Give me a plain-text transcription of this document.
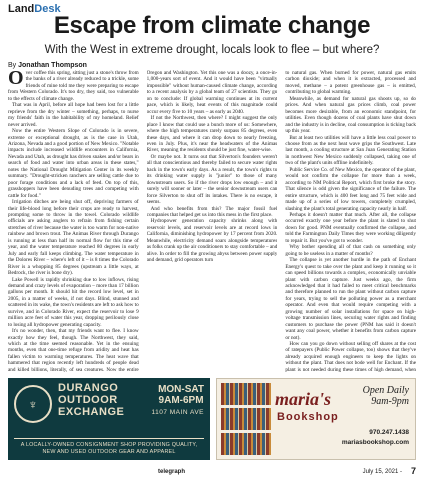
LandDesk
Escape from climate change
With the West in extreme drought, locals look to flee – but where?
By Jonathan Thompson
O ver coffee this spring, sitting just a stone's throw from the banks of a river already reduced to a trickle, some friends of mine told me they were preparing to escape from Western Colorado. It's too dry, they said, too vulnerable to the effects of climate change.

That was in April, before all hope had been lost for a little reprieve from the dry winter – something, perhaps, to nurse my friends' faith in the habitability of my homeland. Relief never arrived.

Now the entire Western Slope of Colorado is in severe, extreme or exceptional drought, as is the case in Utah, Arizona, Nevada and a good portion of New Mexico. "Notable impacts include increased wildlife encounters in California, Nevada and Utah, as drought has driven snakes and/or bears in search of food and water into urban areas in these states," notes the National Drought Mitigation Center in its weekly summary. "Drought-stricken ranchers are selling cattle due to poor forage conditions and a lack of feed. On top of this, grasshoppers have been denuding trees and competing with cattle for food."

Irrigation ditches are being shut off, depriving farmers of their life-blood long before their crops are ready to harvest, prompting some to throw in the towel. Colorado wildlife officials are asking anglers to refrain from fishing certain stretches of river because the water is too warm for non-native rainbow and brown trout. The Animas River through Durango is running at less than half its normal flow for this time of year, and the water temperature reached 80 degrees in early July and early fall keeps climbing. The water temperature in the Dolores River – where's left of it – is 8 times the Colorado River is a whopping 85 degrees (upstream a little ways, at Bedrock, the river is bone dry).

Lake Powell is rapidly shrinking due to low inflows, rising demand and crazy levels of evaporation – more than 17 billion gallons per month. It should hit the record low level, set in 2005, in a matter of weeks, if not days. Blind, stunned and scattered in its wake, the town's residents are left to ask how to survive, and in Colorado River, expect the reservoir to lose 9 million acre feet of water this year, dropping perilously close to losing all hydropower generating capacity.

It's no wonder, then, that my friends want to flee. I know exactly how they feel, though. The Northwest, they said, which at the time seemed reasonable. Yet in the ensuing months, even that one-time refuge from aridity and heat has fallen victim to warming temperatures. The heat wave that hammered that region recently left hundreds of people dead and killed billions, literally, of sea creatures. Now the entire

Oregon and Washington. Yet this one was a doozy, a once-in-1,000-years sort of event. And it would have been "virtually impossible" without human-caused climate change, according to a recent analysis by a global team of 27 scientists. They go on to conclude: If global warming continues at its current pace, which is likely, heat events of this magnitude could occur every five to 10 years – as early as 2040.

If not the Northwest, then where? I might suggest the only place I know that could use a bunch more of us: Somewhere, where the high temperatures rarely surpass 85 degrees, even these days, and where it can drop down to nearly freezing, even in July. Plus, it's near the headwaters of the Animas River, meaning the residents should be just fine, water-wise.

Or maybe not. It turns out that Silverton's founders weren't all that conscientious and thereby failed to secure water rights back in the town's early days. As a result, the town's rights to its drinking water supply is "junior" to those of many downstream users. So if the river drops low enough – and it surely will sooner or later – the senior downstream users can force Silverton to shut off its intakes. There is no escape, it seems.

And who benefits from this? The major fossil fuel companies that helped get us into this mess in the first place.

Hydropower generation capacity shrinks along with reservoir levels, and reservoir levels are at record lows in California, diminishing hydropower by 17 percent from 2020. Meanwhile, electricity demand soars alongside temperatures as folks crank up the air conditioners to stay comfortable – and alive. In order to fill the growing abyss between power supply and demand, grid operators turn

to natural gas. When burned for power, natural gas emits carbon dioxide; and when it is extracted, processed and moved, methane – a potent greenhouse gas – is emitted, contributing to global warming.

Meanwhile, as demand for natural gas shoots up, so do prices. And when natural gas prices climb, coal power becomes more desirable, from an economic standpoint, for utilities. Even though dozens of coal plants have shut down and the industry is in decline, coal consumption is ticking back up this year.

But at least two utilities will have a little less coal power to choose from as the next heat wave grips the Southwest. Late last month, a cooling structure at San Juan Generating Station in northwest New Mexico suddenly collapsed, taking one of two of the plant's units offline indefinitely.

Public Service Co. of New Mexico, the operator of the plant, would not confirm the collapse for more than a week, according to NM Political Report, which first broke the story. That silence is odd given the significance of the failure. The entire structure, which is 400 feet long and 75 feet wide and made up of a series of low towers, completely crumpled, slashing the plant's total generating capacity nearly in half.

Perhaps it doesn't matter that much. After all, the collapse occurred exactly one year before the plant is slated to shut down for good. PNM eventually confirmed the collapse, and told the Farmington Daily Times they were working diligently to repair it. But you've got to wonder.

Why bother spending all of that cash on something only going to be useless in a matter of months?

The collapse is yet another hurdle in the path of Enchant Energy's quest to take over the plant and keep it running so it can speed billions towards a complex, economically unviable plant with carbon capture. Just weeks ago, the firm acknowledged that it had failed to meet critical benchmarks and therefore planned to run the plant without carbon capture for years, trying to sell the polluting power as a merchant operator. And even that would require competing with a growing number of solar installations for space on high-voltage transmission lines, securing water rights and finding customers to purchase the power (PNM has said it doesn't want any coal power, whether it benefits from carbon capture or not).

How can you go down without selling off shares at the cost of ratepayers (Public Power collapse, too) shows that they've already acquired enough engineers to keep the lights on without the plant. That does not bode well for Enchant. If the plant is not needed during these times of high demand, when

♆
DURANGO
OUTDOOR
EXCHANGE
MON-SAT
9AM-6PM
1107 MAIN AVE
A LOCALLY-OWNED CONSIGNMENT SHOP PROVIDING QUALITY, NEW AND USED OUTDOOR GEAR AND APPAREL
maria's
Bookshop
Open Daily
9am-9pm
970.247.1438
mariasbookshop.com
telegraph	July 15, 2021 - 7
